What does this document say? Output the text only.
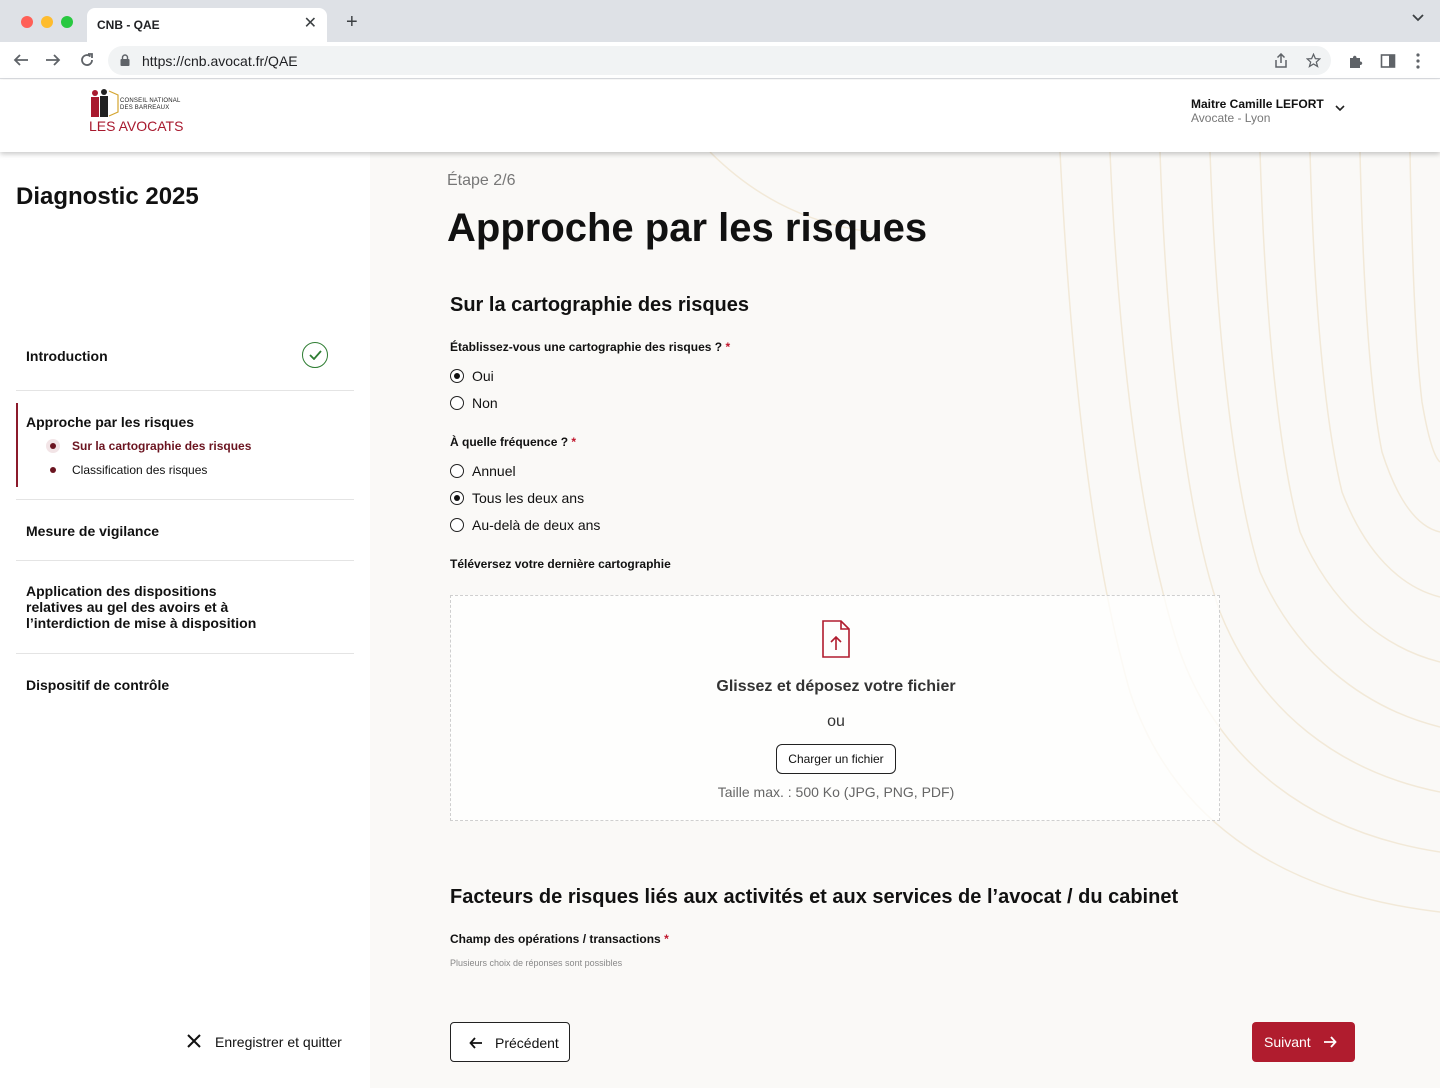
CNB - QAE	✕ +
https://cnb.avocat.fr/QAE
CONSEIL NATIONAL
DES BARREAUX
LES AVOCATS
Maitre Camille LEFORT
Avocate - Lyon
Diagnostic 2025
Introduction
Approche par les risques
Sur la cartographie des risques
Classification des risques
Mesure de vigilance
Application des dispositions relatives au gel des avoirs et à l’interdiction de mise à disposition
Dispositif de contrôle
Étape 2/6
Approche par les risques
Sur la cartographie des risques
Établissez-vous une cartographie des risques ? *
Oui
Non
À quelle fréquence ? *
Annuel
Tous les deux ans
Au-delà de deux ans
Téléversez votre dernière cartographie
Glissez et déposez votre fichier
ou
Charger un fichier
Taille max. : 500 Ko (JPG, PNG, PDF)
Facteurs de risques liés aux activités et aux services de l’avocat / du cabinet
Champ des opérations / transactions *
Plusieurs choix de réponses sont possibles
Enregistrer et quitter	Précédent	Suivant
